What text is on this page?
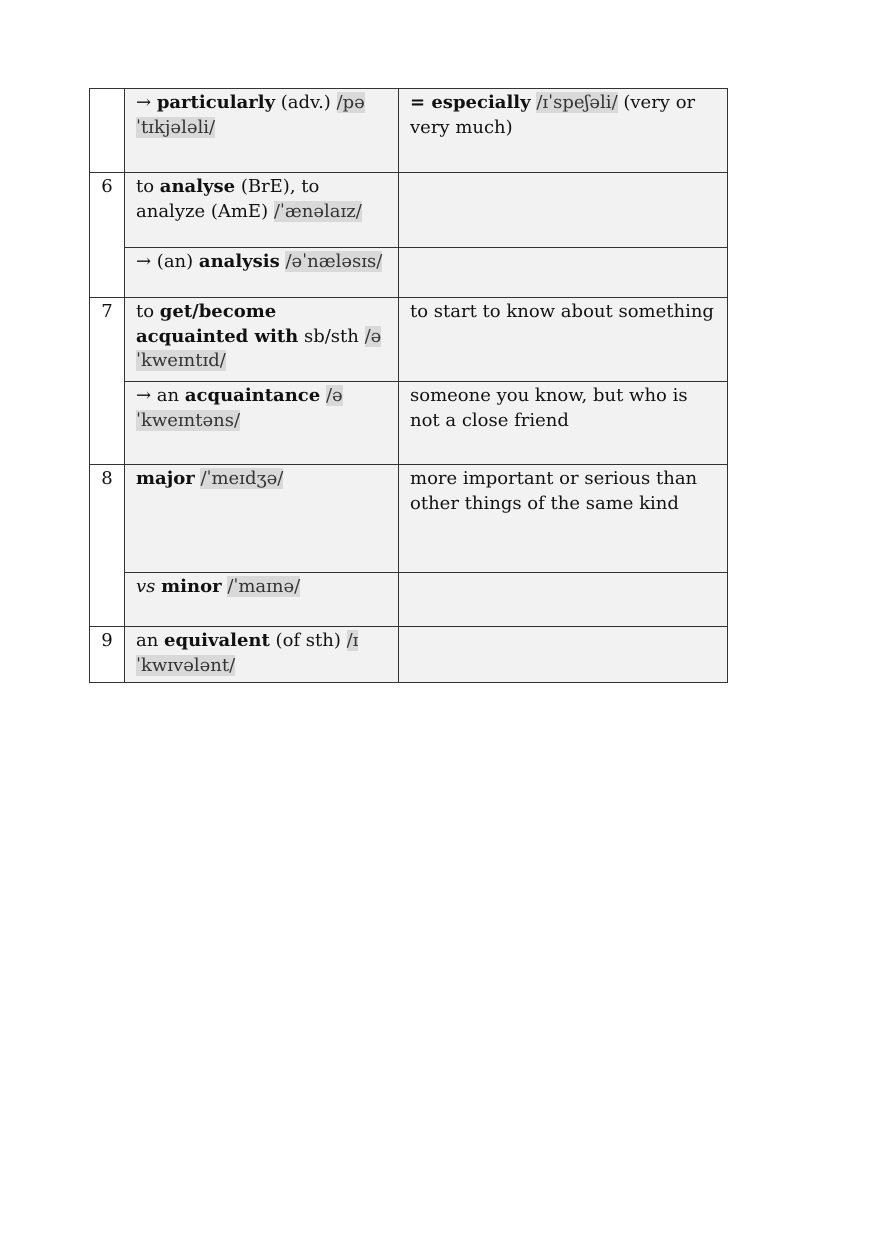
	→ particularly (adv.) /pəˈtɪkjələli/	= especially /ɪˈspeʃəli/ (very or very much)
6	to analyse (BrE), to analyze (AmE) /ˈænəlaɪz/	
	→ (an) analysis /əˈnæləsɪs/	
7	to get/become acquainted with sb/sth /əˈkweɪntɪd/	to start to know about something
	→ an acquaintance /əˈkweɪntəns/	someone you know, but who is not a close friend
8	major /ˈmeɪdʒə/	more important or serious than other things of the same kind
	vs minor /ˈmaɪnə/	
9	an equivalent (of sth) /ɪˈkwɪvələnt/	
